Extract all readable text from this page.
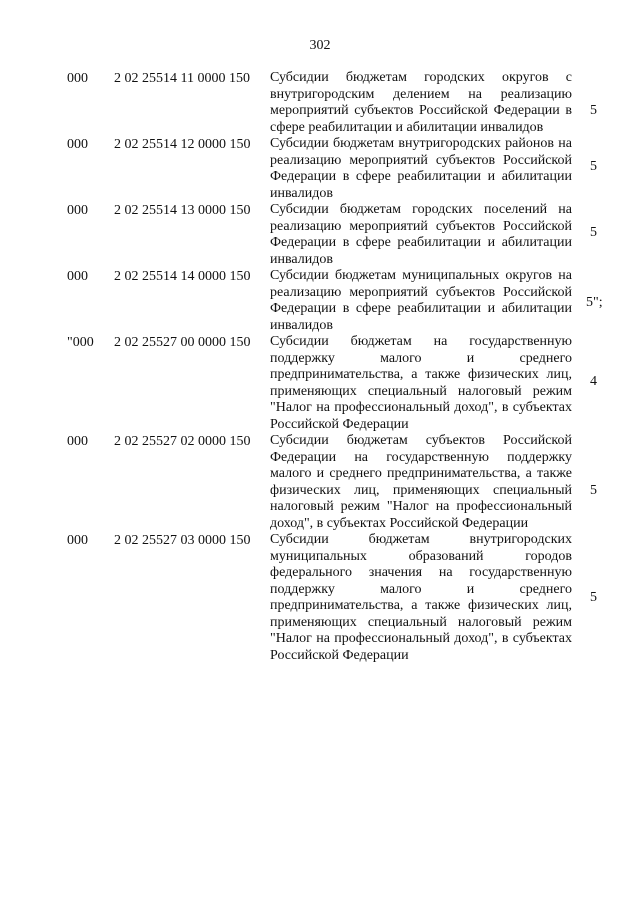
302
000 2 02 25514 11 0000 150 Субсидии бюджетам городских округов с внутригородским делением на реализацию мероприятий субъектов Российской Федерации в сфере реабилитации и абилитации инвалидов
5
000 2 02 25514 12 0000 150 Субсидии бюджетам внутригородских районов на реализацию мероприятий субъектов Российской Федерации в сфере реабилитации и абилитации инвалидов
5
000 2 02 25514 13 0000 150 Субсидии бюджетам городских поселений на реализацию мероприятий субъектов Российской Федерации в сфере реабилитации и абилитации инвалидов
5
000 2 02 25514 14 0000 150 Субсидии бюджетам муниципальных округов на реализацию мероприятий субъектов Российской Федерации в сфере реабилитации и абилитации инвалидов
5";
"000 2 02 25527 00 0000 150 Субсидии бюджетам на государственную поддержку малого и среднего предпринимательства, а также физических лиц, применяющих специальный налоговый режим "Налог на профессиональный доход", в субъектах Российской Федерации
4
000 2 02 25527 02 0000 150 Субсидии бюджетам субъектов Российской Федерации на государственную поддержку малого и среднего предпринимательства, а также физических лиц, применяющих специальный налоговый режим "Налог на профессиональный доход", в субъектах Российской Федерации
5
000 2 02 25527 03 0000 150 Субсидии бюджетам внутригородских муниципальных образований городов федерального значения на государственную поддержку малого и среднего предпринимательства, а также физических лиц, применяющих специальный налоговый режим "Налог на профессиональный доход", в субъектах Российской Федерации
5
